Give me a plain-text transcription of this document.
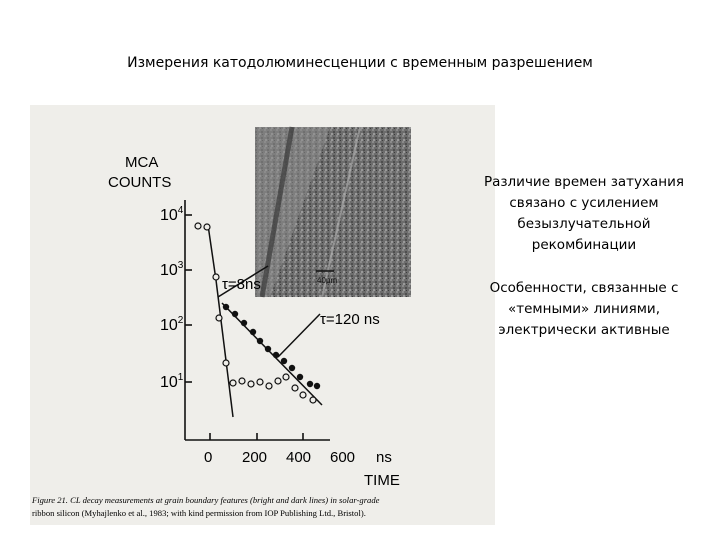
Измерения катодолюминесценции с временным разрешением
40µm
MCA
COUNTS
$10^4$
$10^3$
$10^2$
$10^1$
0 200 400 600 ns
TIME
τ=8ns
τ=120 ns
Figure 21. CL decay measurements at grain boundary features (bright and dark lines) in solar-grade
ribbon silicon (Myhajlenko et al., 1983; with kind permission from IOP Publishing Ltd., Bristol).
Различие времен затухания связано с усилением безызлучательной рекомбинации
Особенности, связанные с «темными» линиями, электрически активные
